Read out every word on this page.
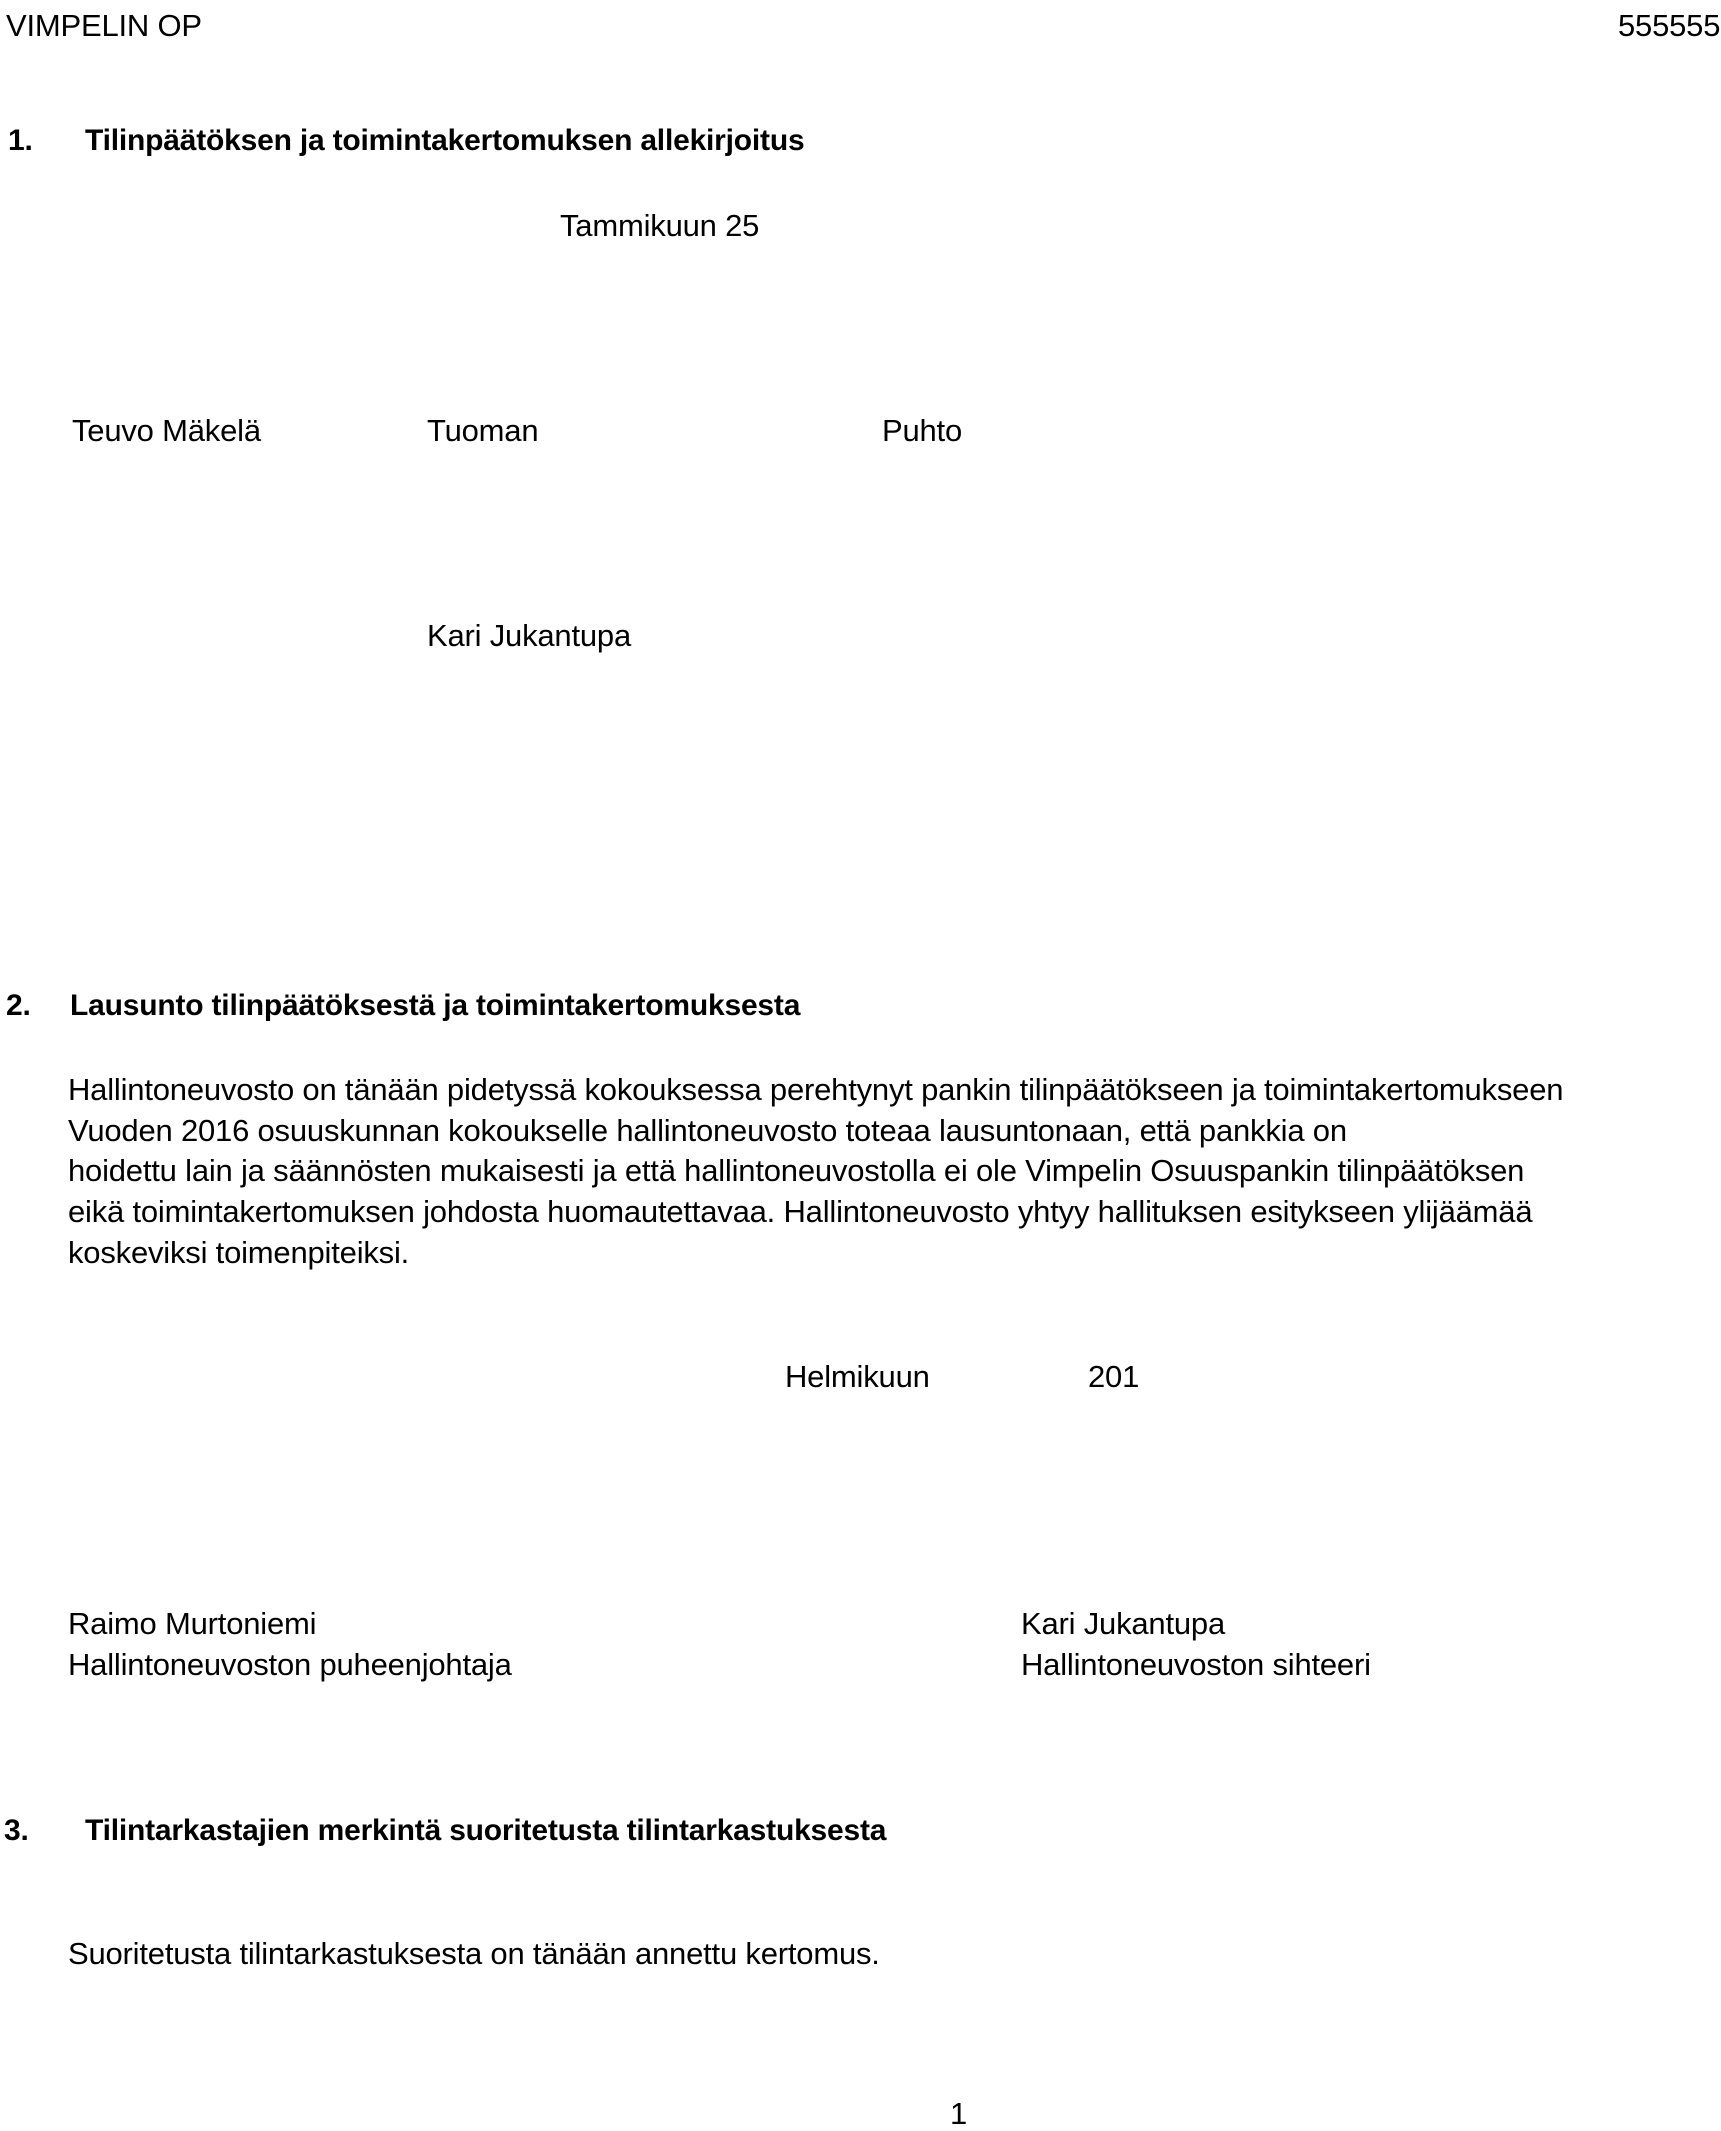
VIMPELIN OP	555555
1. Tilinpäätöksen ja toimintakertomuksen allekirjoitus
Tammikuun 25
Teuvo Mäkelä	Tuoman	Puhto
Kari Jukantupa
2. Lausunto tilinpäätöksestä ja toimintakertomuksesta
Hallintoneuvosto on tänään pidetyssä kokouksessa perehtynyt pankin tilinpäätökseen ja toimintakertomukseen
Vuoden 2016 osuuskunnan kokoukselle hallintoneuvosto toteaa lausuntonaan, että pankkia on
hoidettu lain ja säännösten mukaisesti ja että hallintoneuvostolla ei ole Vimpelin Osuuspankin tilinpäätöksen
eikä toimintakertomuksen johdosta huomautettavaa. Hallintoneuvosto yhtyy hallituksen esitykseen ylijäämää
koskeviksi toimenpiteiksi.
Helmikuun	201
Raimo Murtoniemi
Hallintoneuvoston puheenjohtaja
Kari Jukantupa
Hallintoneuvoston sihteeri
3. Tilintarkastajien merkintä suoritetusta tilintarkastuksesta
Suoritetusta tilintarkastuksesta on tänään annettu kertomus.
1
